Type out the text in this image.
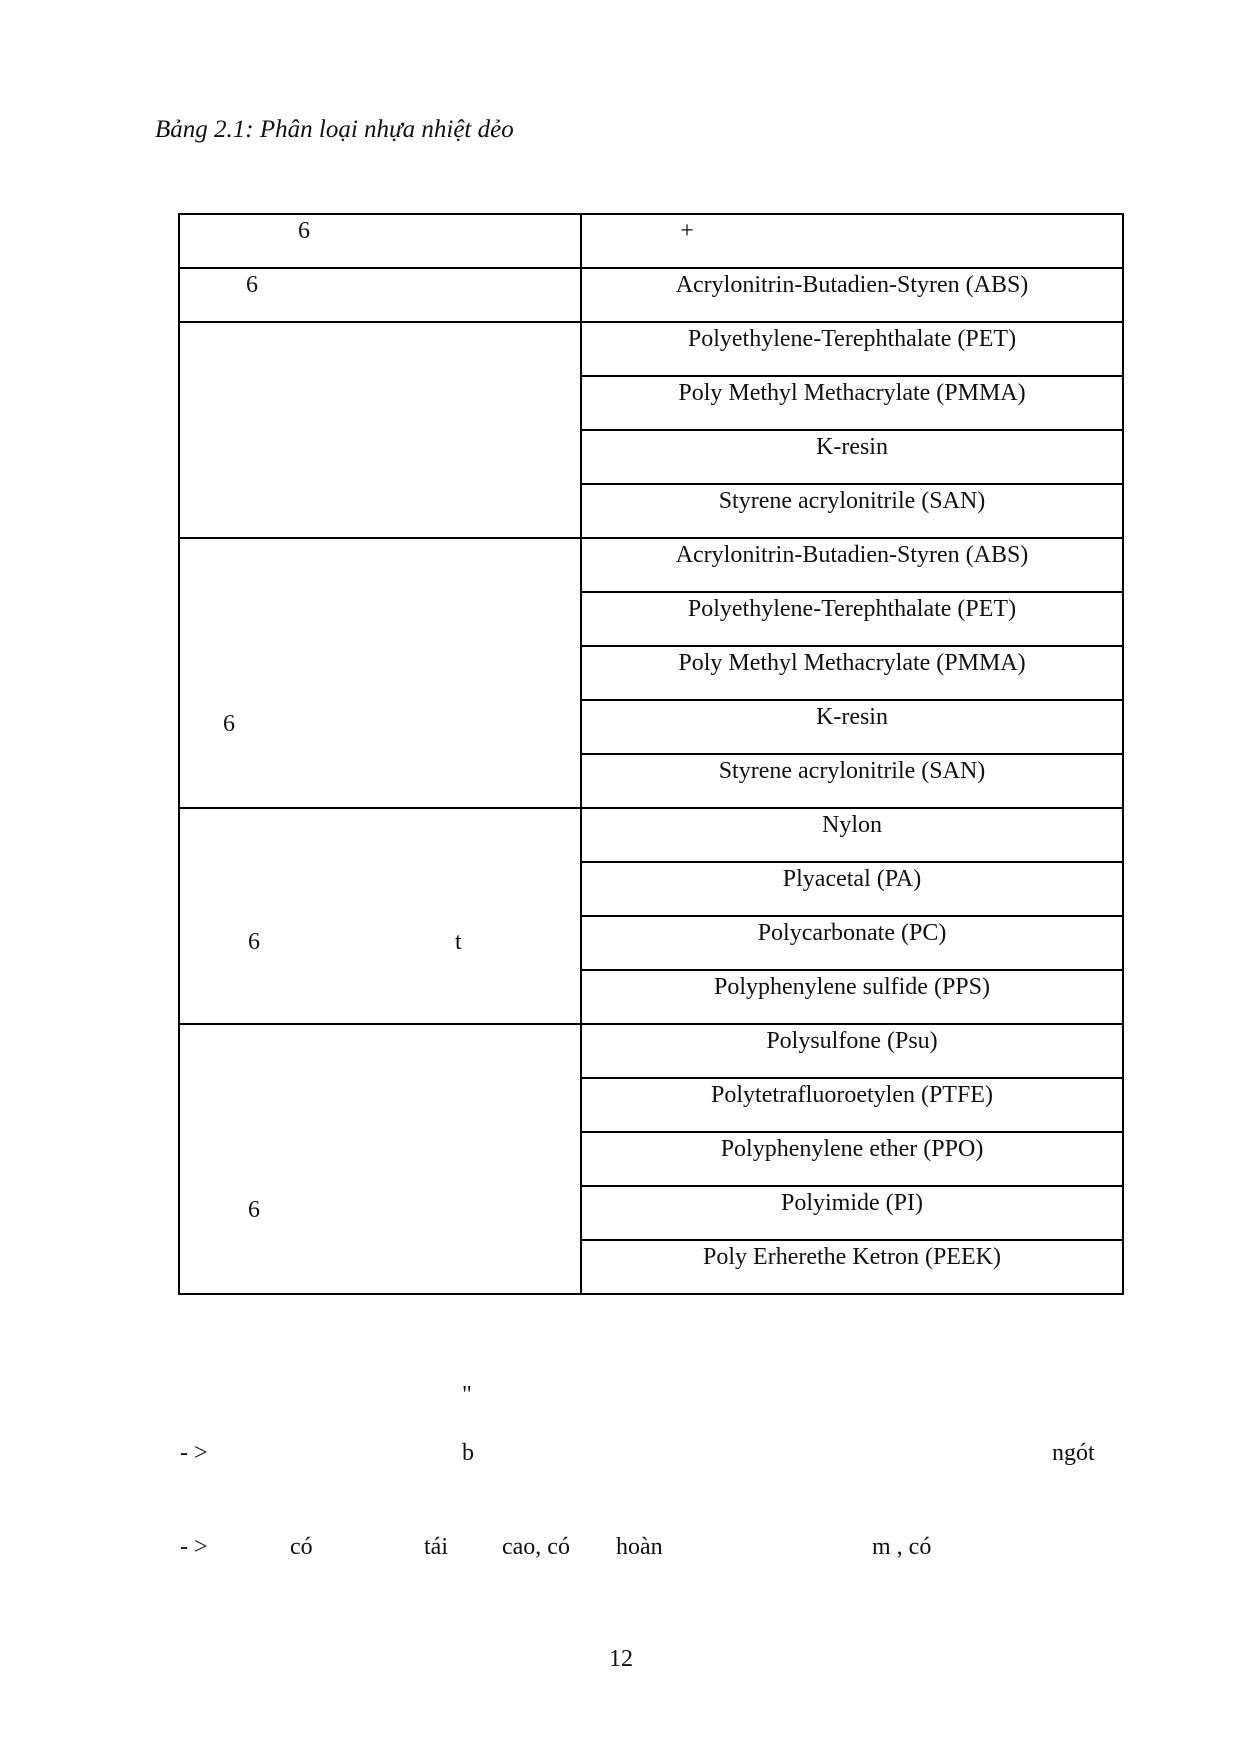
Bảng 2.1: Phân loại nhựa nhiệt dẻo
6	+

6	Acrylonitrin-Butadien-Styren (ABS)

	Polyethylene-Terephthalate (PET)

	Poly Methyl Methacrylate (PMMA)

	K-resin

	Styrene acrylonitrile (SAN)

6	Acrylonitrin-Butadien-Styren (ABS)

	Polyethylene-Terephthalate (PET)

	Poly Methyl Methacrylate (PMMA)

	K-resin

	Styrene acrylonitrile (SAN)

6 t	Nylon

	Plyacetal (PA)

	Polycarbonate (PC)

	Polyphenylene sulfide (PPS)

6	Polysulfone (Psu)

	Polytetrafluoroetylen (PTFE)

	Polyphenylene ether (PPO)

	Polyimide (PI)

	Poly Erherethe Ketron (PEEK)
"
- >	b	ngót
- >	có	tái cao, có hoàn	m , có
12
